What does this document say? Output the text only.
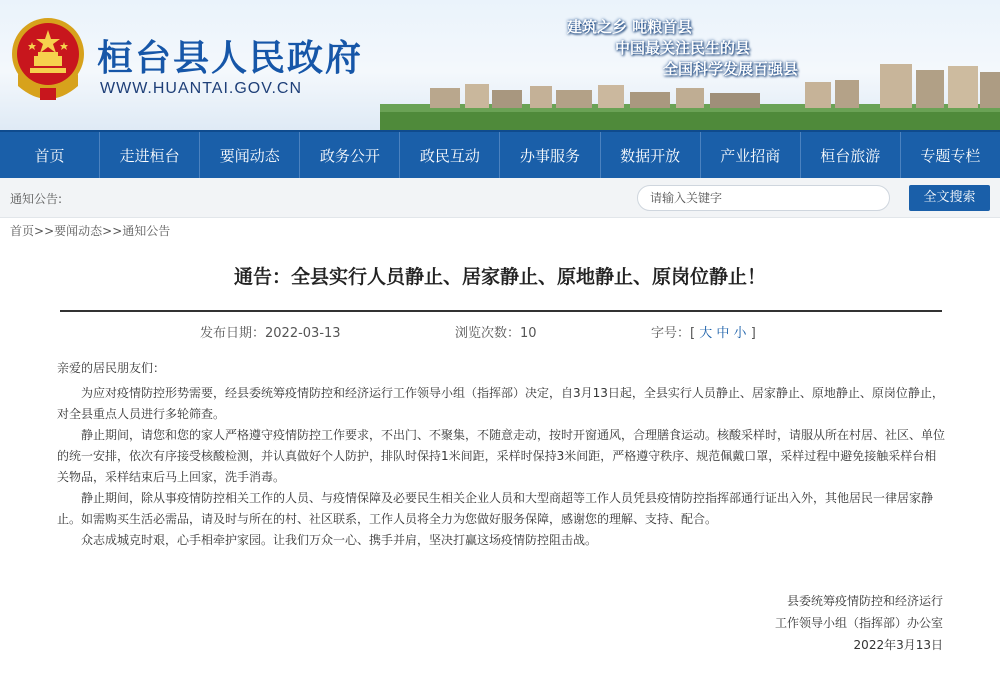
桓台县人民政府
WWW.HUANTAI.GOV.CN
建筑之乡 吨粮首县
中国最关注民生的县
全国科学发展百强县
首页	走进桓台	要闻动态	政务公开	政民互动	办事服务	数据开放	产业招商	桓台旅游	专题专栏
通知公告:	请输入关键字	全文搜索
首页>>要闻动态>>通知公告
通告：全县实行人员静止、居家静止、原地静止、原岗位静止！
发布日期：2022-03-13	浏览次数：10	字号：[ 大 中 小 ]

亲爱的居民朋友们：

为应对疫情防控形势需要，经县委统筹疫情防控和经济运行工作领导小组（指挥部）决定，自3月13日起，全县实行人员静止、居家静止、原地静止、原岗位静止，对全县重点人员进行多轮筛查。

静止期间，请您和您的家人严格遵守疫情防控工作要求，不出门、不聚集，不随意走动，按时开窗通风，合理膳食运动。核酸采样时，请服从所在村居、社区、单位的统一安排，依次有序接受核酸检测，并认真做好个人防护，排队时保持1米间距，采样时保持3米间距，严格遵守秩序、规范佩戴口罩，采样过程中避免接触采样台相关物品，采样结束后马上回家，洗手消毒。

静止期间，除从事疫情防控相关工作的人员、与疫情保障及必要民生相关企业人员和大型商超等工作人员凭县疫情防控指挥部通行证出入外，其他居民一律居家静止。如需购买生活必需品，请及时与所在的村、社区联系，工作人员将全力为您做好服务保障，感谢您的理解、支持、配合。

众志成城克时艰，心手相牵护家园。让我们万众一心、携手并肩，坚决打赢这场疫情防控阻击战。

县委统筹疫情防控和经济运行
工作领导小组（指挥部）办公室
2022年3月13日
